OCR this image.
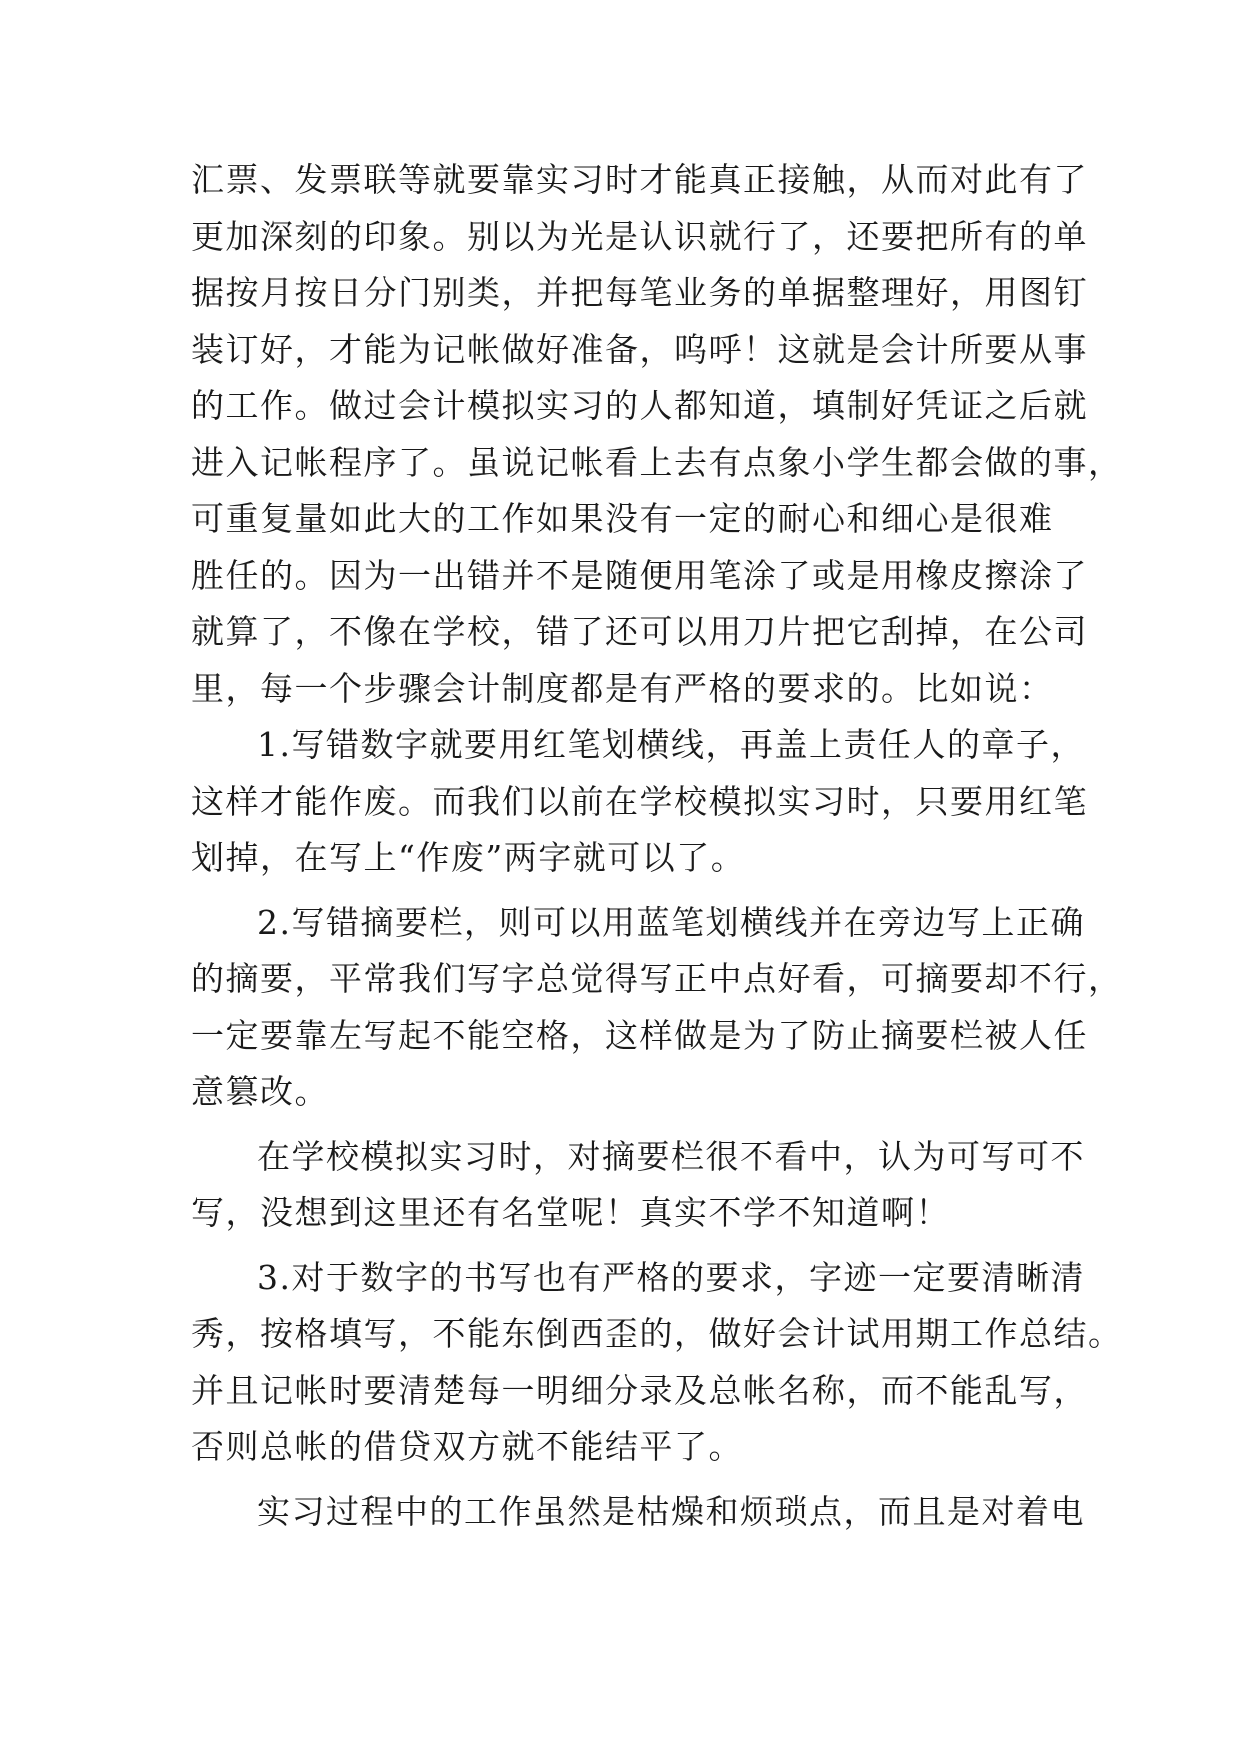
汇票、发票联等就要靠实习时才能真正接触，从而对此有了
更加深刻的印象。别以为光是认识就行了，还要把所有的单
据按月按日分门别类，并把每笔业务的单据整理好，用图钉
装订好，才能为记帐做好准备，呜呼！这就是会计所要从事
的工作。做过会计模拟实习的人都知道，填制好凭证之后就
进入记帐程序了。虽说记帐看上去有点象小学生都会做的事，
可重复量如此大的工作如果没有一定的耐心和细心是很难
胜任的。因为一出错并不是随便用笔涂了或是用橡皮擦涂了
就算了，不像在学校，错了还可以用刀片把它刮掉，在公司
里，每一个步骤会计制度都是有严格的要求的。比如说：
1.写错数字就要用红笔划横线，再盖上责任人的章子，
这样才能作废。而我们以前在学校模拟实习时，只要用红笔
划掉，在写上“作废”两字就可以了。
2.写错摘要栏，则可以用蓝笔划横线并在旁边写上正确
的摘要，平常我们写字总觉得写正中点好看，可摘要却不行，
一定要靠左写起不能空格，这样做是为了防止摘要栏被人任
意篡改。
在学校模拟实习时，对摘要栏很不看中，认为可写可不
写，没想到这里还有名堂呢！真实不学不知道啊！
3.对于数字的书写也有严格的要求，字迹一定要清晰清
秀，按格填写，不能东倒西歪的，做好会计试用期工作总结。
并且记帐时要清楚每一明细分录及总帐名称，而不能乱写，
否则总帐的借贷双方就不能结平了。
实习过程中的工作虽然是枯燥和烦琐点，而且是对着电
